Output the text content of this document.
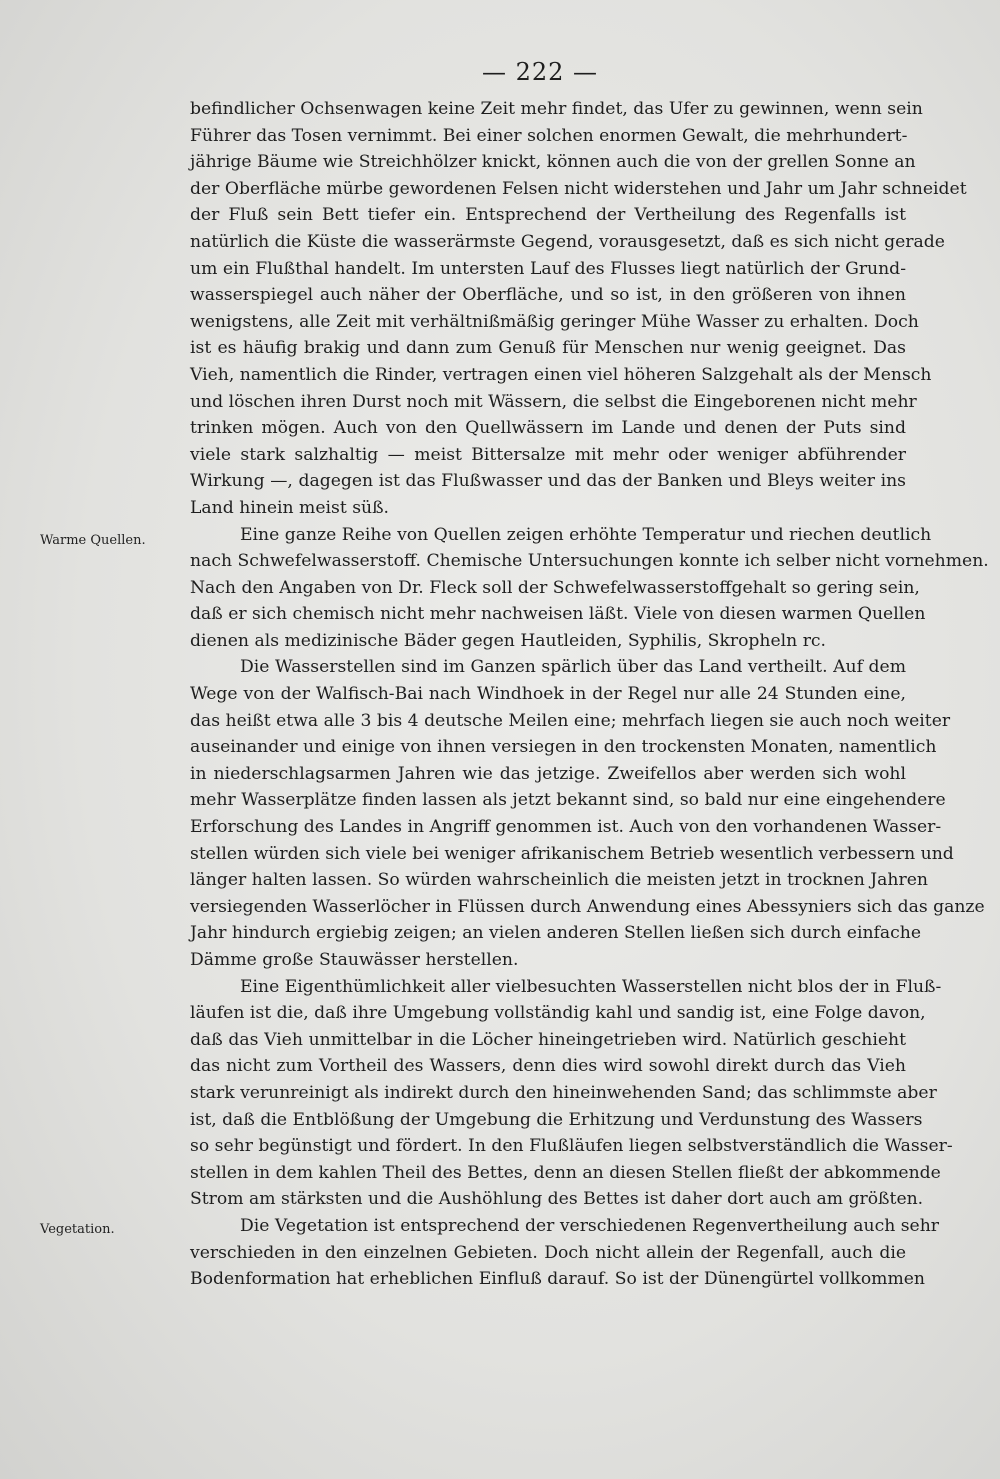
— 222 —
Warme Quellen.
Vegetation.
befindlicher Ochsenwagen keine Zeit mehr findet, das Ufer zu gewinnen, wenn sein
Führer das Tosen vernimmt. Bei einer solchen enormen Gewalt, die mehrhundert-
jährige Bäume wie Streichhölzer knickt, können auch die von der grellen Sonne an
der Oberfläche mürbe gewordenen Felsen nicht widerstehen und Jahr um Jahr schneidet
der Fluß sein Bett tiefer ein. Entsprechend der Vertheilung des Regenfalls ist
natürlich die Küste die wasserärmste Gegend, vorausgesetzt, daß es sich nicht gerade
um ein Flußthal handelt. Im untersten Lauf des Flusses liegt natürlich der Grund-
wasserspiegel auch näher der Oberfläche, und so ist, in den größeren von ihnen
wenigstens, alle Zeit mit verhältnißmäßig geringer Mühe Wasser zu erhalten. Doch
ist es häufig brakig und dann zum Genuß für Menschen nur wenig geeignet. Das
Vieh, namentlich die Rinder, vertragen einen viel höheren Salzgehalt als der Mensch
und löschen ihren Durst noch mit Wässern, die selbst die Eingeborenen nicht mehr
trinken mögen. Auch von den Quellwässern im Lande und denen der Puts sind
viele stark salzhaltig — meist Bittersalze mit mehr oder weniger abführender
Wirkung —, dagegen ist das Flußwasser und das der Banken und Bleys weiter ins
Land hinein meist süß.
Eine ganze Reihe von Quellen zeigen erhöhte Temperatur und riechen deutlich
nach Schwefelwasserstoff. Chemische Untersuchungen konnte ich selber nicht vornehmen.
Nach den Angaben von Dr. Fleck soll der Schwefelwasserstoffgehalt so gering sein,
daß er sich chemisch nicht mehr nachweisen läßt. Viele von diesen warmen Quellen
dienen als medizinische Bäder gegen Hautleiden, Syphilis, Skropheln rc.
Die Wasserstellen sind im Ganzen spärlich über das Land vertheilt. Auf dem
Wege von der Walfisch-Bai nach Windhoek in der Regel nur alle 24 Stunden eine,
das heißt etwa alle 3 bis 4 deutsche Meilen eine; mehrfach liegen sie auch noch weiter
auseinander und einige von ihnen versiegen in den trockensten Monaten, namentlich
in niederschlagsarmen Jahren wie das jetzige. Zweifellos aber werden sich wohl
mehr Wasserplätze finden lassen als jetzt bekannt sind, so bald nur eine eingehendere
Erforschung des Landes in Angriff genommen ist. Auch von den vorhandenen Wasser-
stellen würden sich viele bei weniger afrikanischem Betrieb wesentlich verbessern und
länger halten lassen. So würden wahrscheinlich die meisten jetzt in trocknen Jahren
versiegenden Wasserlöcher in Flüssen durch Anwendung eines Abessyniers sich das ganze
Jahr hindurch ergiebig zeigen; an vielen anderen Stellen ließen sich durch einfache
Dämme große Stauwässer herstellen.
Eine Eigenthümlichkeit aller vielbesuchten Wasserstellen nicht blos der in Fluß-
läufen ist die, daß ihre Umgebung vollständig kahl und sandig ist, eine Folge davon,
daß das Vieh unmittelbar in die Löcher hineingetrieben wird. Natürlich geschieht
das nicht zum Vortheil des Wassers, denn dies wird sowohl direkt durch das Vieh
stark verunreinigt als indirekt durch den hineinwehenden Sand; das schlimmste aber
ist, daß die Entblößung der Umgebung die Erhitzung und Verdunstung des Wassers
so sehr begünstigt und fördert. In den Flußläufen liegen selbstverständlich die Wasser-
stellen in dem kahlen Theil des Bettes, denn an diesen Stellen fließt der abkommende
Strom am stärksten und die Aushöhlung des Bettes ist daher dort auch am größten.
Die Vegetation ist entsprechend der verschiedenen Regenvertheilung auch sehr
verschieden in den einzelnen Gebieten. Doch nicht allein der Regenfall, auch die
Bodenformation hat erheblichen Einfluß darauf. So ist der Dünengürtel vollkommen
